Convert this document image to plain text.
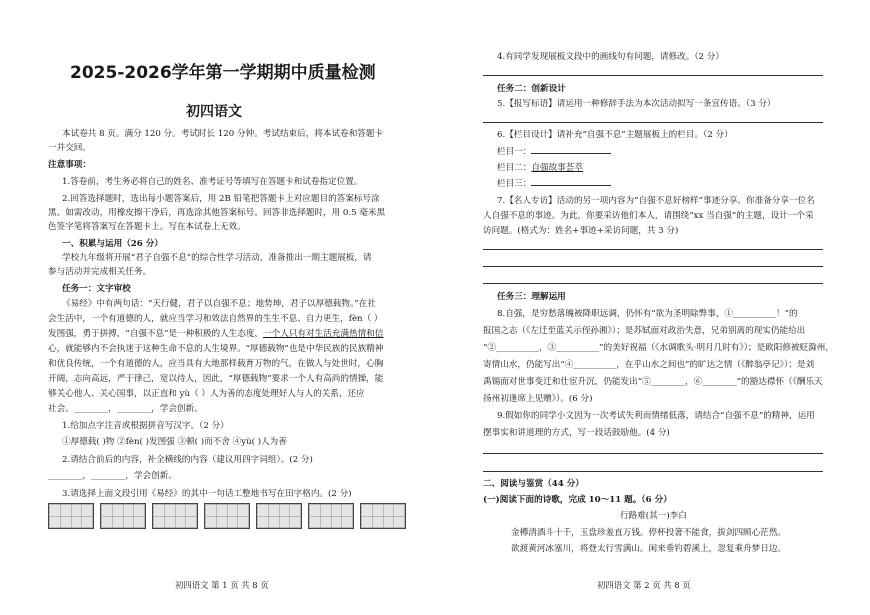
2025-2026学年第一学期期中质量检测
初四语文
本试卷共 8 页。满分 120 分。考试时长 120 分钟。考试结束后，将本试卷和答题卡
一并交回。
注意事项：
1.答卷前，考生务必将自己的姓名、准考证号等填写在答题卡和试卷指定位置。
2.回答选择题时，选出每小题答案后，用 2B 铅笔把答题卡上对应题目的答案标号涂
黑。如需改动，用橡皮擦干净后，再选涂其他答案标号。回答非选择题时，用 0.5 毫米黑
色签字笔将答案写在答题卡上。写在本试卷上无效。
一、积累与运用（26 分）
学校九年级将开展“君子自强不息”的综合性学习活动，准备推出一期主题展板，请
参与活动并完成相关任务。
任务一：文字审校
《易经》中有两句话：“天行健，君子以自强不息；地势坤，君子以厚德载物。”在社
会生活中，一个有道德的人，就应当学习和效法自然界的生生不息、自力更生，fèn（ ）
发图强，勇于拼搏，“自强不息”是一种积极的人生态度，一个人只有对生活充满热情和信
心，就能够内不会执迷于这种生命不息的人生境界。“厚德载物”也是中华民族的民族精神
和优良传统，一个有道德的人，应当具有大地那样载育万物的气，在做人与处世时，心胸
开阔，志向高远，严于律己，宽以待人，因此，“厚德载物”要求一个人有高尚的情操，能
够关心他人、关心国事，以正直和 yù（ ）人为善的态度处理好人与人的关系，还应
社会。________，________，学会创新。
1.给加点字注音或根据拼音写汉字。（2 分）
①厚德载( )物 ②fèn( )发图强 ③顿( )而不舍 ④yù( )人为善
2.请结合前后的内容，补全横线的内容（建议用四字词组）。(2 分)
________，________，学会创新。
3.请选择上面文段引用《易经》的其中一句话工整地书写在田字格内。(2 分)
初四语文 第 1 页 共 8 页
4.有同学发现展板文段中的画线句有问题，请修改。（2 分）
任务二：创新设计
5.【报写标语】请运用一种修辞手法为本次活动拟写一条宣传语。（3 分）
6.【栏目设计】请补充“自强不息”主题展板上的栏目。（2 分）
栏目一：
栏目二：自强故事荟萃
栏目三：
7.【名人专访】活动的另一项内容为“自强不息好榜样”事迹分享。你准备分享一位名
人自强不息的事迹。为此，你要采访他们本人，请围绕“xx 当自强”的主题，设计一个采
访问题。(格式为：姓名+事迹+采访问题，共 3 分)
任务三：理解运用
8.自强，是穷愁落魄被降职远调，仍怀有“欲为圣明除弊事，①__________！”的
报国之志（《左迁至蓝关示侄孙湘》）；是苏轼面对政治失意，兄弟别离的现实仍能给出
“②__________，③__________”的美好祝福（《水调歌头·明月几时有》）；是欧阳修被贬滁州，
寄情山水，仍能写出“④__________，在乎山水之间也”的旷达之情（《醉翁亭记》）；是刘
禹锡面对世事变迁和仕宦升沉，仍能发出“⑤________，⑥________”的豁达襟怀（《酬乐天
扬州初逢席上见赠》）。(6 分)
9.假如你的同学小文因为一次考试失利而情绪低落，请结合“自强不息”的精神，运用
摆事实和讲道理的方式，写一段话鼓励他。(4 分)
二、阅读与鉴赏（44 分）
(一)阅读下面的诗歌，完成 10～11 题。（6 分）
行路难(其一)李白
金樽清酒斗十千，玉盘珍羞直万钱。停杯投箸不能食，拔剑四顾心茫然。
欲渡黄河冰塞川，将登太行雪满山。闲来垂钓碧溪上，忽复乘舟梦日边。
初四语文 第 2 页 共 8 页
